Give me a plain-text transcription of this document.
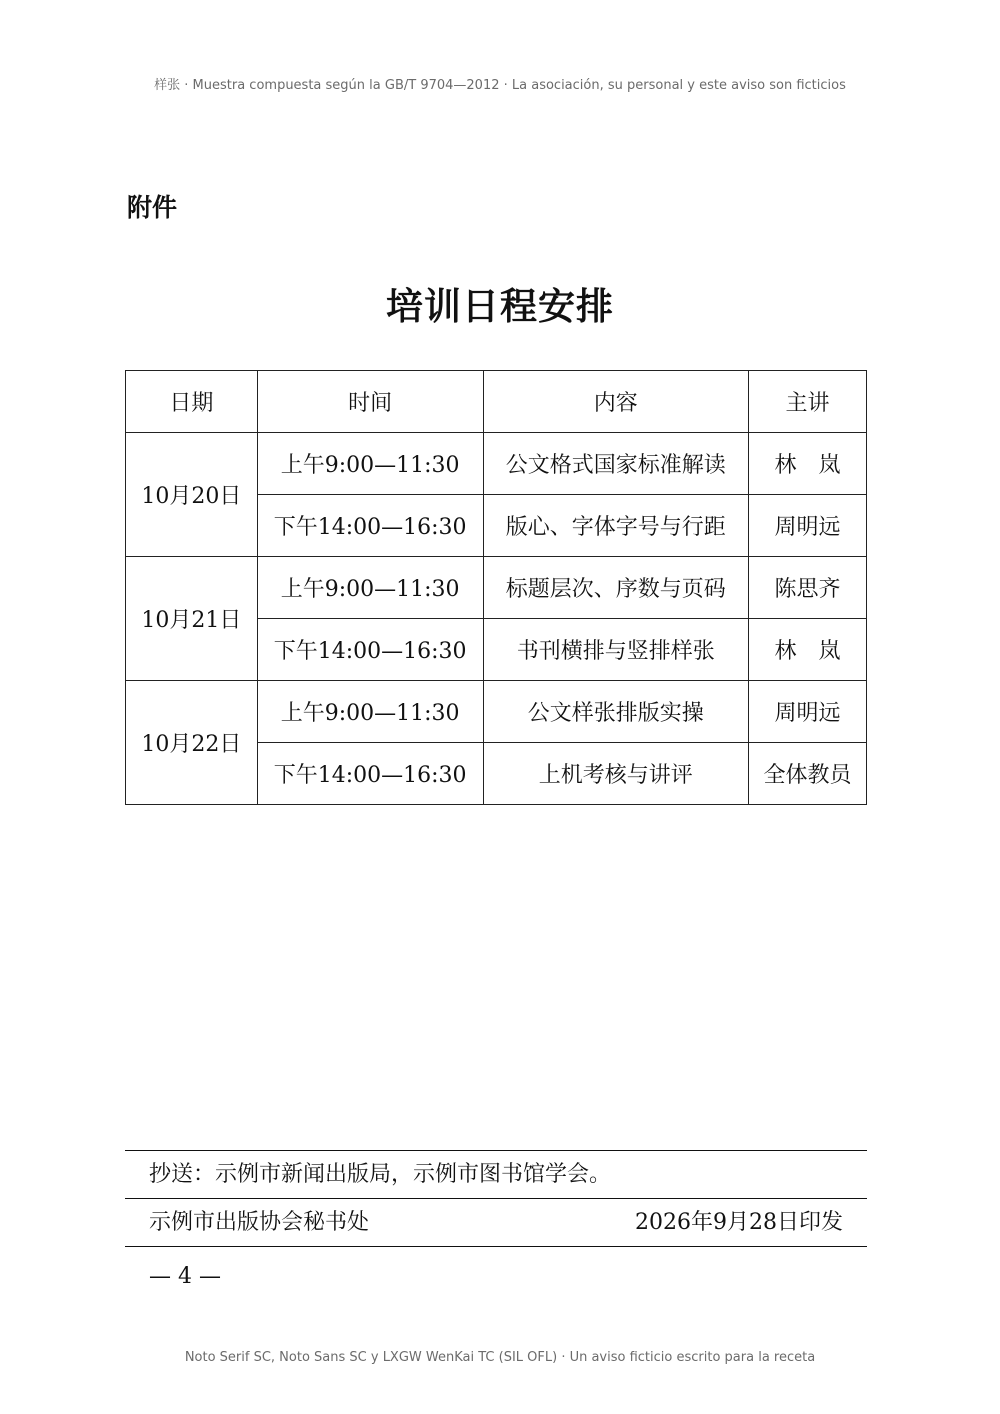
样张 · Muestra compuesta según la GB/T 9704—2012 · La asociación, su personal y este aviso son ficticios
附件
培训日程安排
日期	时间	内容	主讲
10月20日	上午9:00—11:30	公文格式国家标准解读	林　岚
	下午14:00—16:30	版心、字体字号与行距	周明远
10月21日	上午9:00—11:30	标题层次、序数与页码	陈思齐
	下午14:00—16:30	书刊横排与竖排样张	林　岚
10月22日	上午9:00—11:30	公文样张排版实操	周明远
	下午14:00—16:30	上机考核与讲评	全体教员
抄送：示例市新闻出版局，示例市图书馆学会。
示例市出版协会秘书处	2026年9月28日印发
— 4 —
Noto Serif SC, Noto Sans SC y LXGW WenKai TC (SIL OFL) · Un aviso ficticio escrito para la receta
